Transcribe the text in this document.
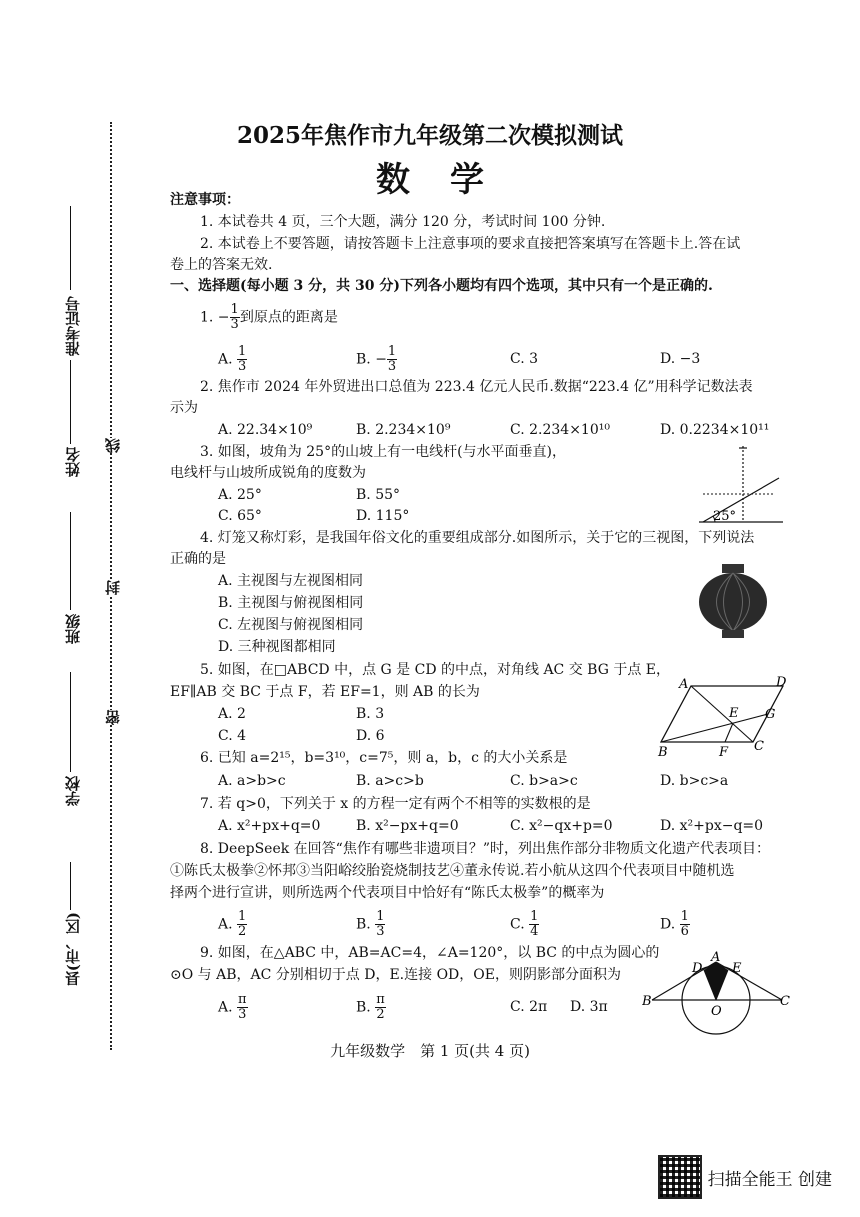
2025年焦作市九年级第二次模拟测试
数学
准考证号
姓名
班级
学校
县(市、区)
线
封
密
注意事项：
1. 本试卷共 4 页，三个大题，满分 120 分，考试时间 100 分钟.
2. 本试卷上不要答题，请按答题卡上注意事项的要求直接把答案填写在答题卡上.答在试
卷上的答案无效.
一、选择题(每小题 3 分，共 30 分)下列各小题均有四个选项，其中只有一个是正确的.
1. − $\frac{1}{3}$ 到原点的距离是
A. $\frac{1}{3}$	B. − $\frac{1}{3}$	C. 3	D. −3
2. 焦作市 2024 年外贸进出口总值为 223.4 亿元人民币.数据“223.4 亿”用科学记数法表
示为
A. 22.34×10⁹	B. 2.234×10⁹	C. 2.234×10¹⁰	D. 0.2234×10¹¹
3. 如图，坡角为 25°的山坡上有一电线杆(与水平面垂直)，
电线杆与山坡所成锐角的度数为
A. 25°	B. 55°
C. 65°	D. 115°	25°
4. 灯笼又称灯彩，是我国年俗文化的重要组成部分.如图所示，关于它的三视图，下列说法
正确的是
A. 主视图与左视图相同
B. 主视图与俯视图相同
C. 左视图与俯视图相同
D. 三种视图都相同
5. 如图，在□ABCD 中，点 G 是 CD 的中点，对角线 AC 交 BG 于点 E，
EF∥AB 交 BC 于点 F，若 EF=1，则 AB 的长为
A. 2	B. 3
C. 4	D. 6
A	D
E G
B	F C
6. 已知 a=2¹⁵，b=3¹⁰，c=7⁵，则 a，b，c 的大小关系是
A. a>b>c	B. a>c>b	C. b>a>c	D. b>c>a
7. 若 q>0，下列关于 x 的方程一定有两个不相等的实数根的是
A. x²+px+q=0	B. x²−px+q=0	C. x²−qx+p=0	D. x²+px−q=0
8. DeepSeek 在回答“焦作有哪些非遗项目？”时，列出焦作部分非物质文化遗产代表项目：
①陈氏太极拳②怀邦③当阳峪绞胎瓷烧制技艺④董永传说.若小航从这四个代表项目中随机选
择两个进行宣讲，则所选两个代表项目中恰好有“陈氏太极拳”的概率为
A. $\frac{1}{2}$	B. $\frac{1}{3}$	C. $\frac{1}{4}$	D. $\frac{1}{6}$
9. 如图，在△ABC 中，AB=AC=4，∠A=120°，以 BC 的中点为圆心的
⊙O 与 AB，AC 分别相切于点 D，E.连接 OD，OE，则阴影部分面积为
A. $\frac{\pi}{3}$	B. $\frac{\pi}{2}$	C. 2π D. 3π
A
D E
B	C
O
九年级数学　第 1 页(共 4 页)
扫描全能王 创建
